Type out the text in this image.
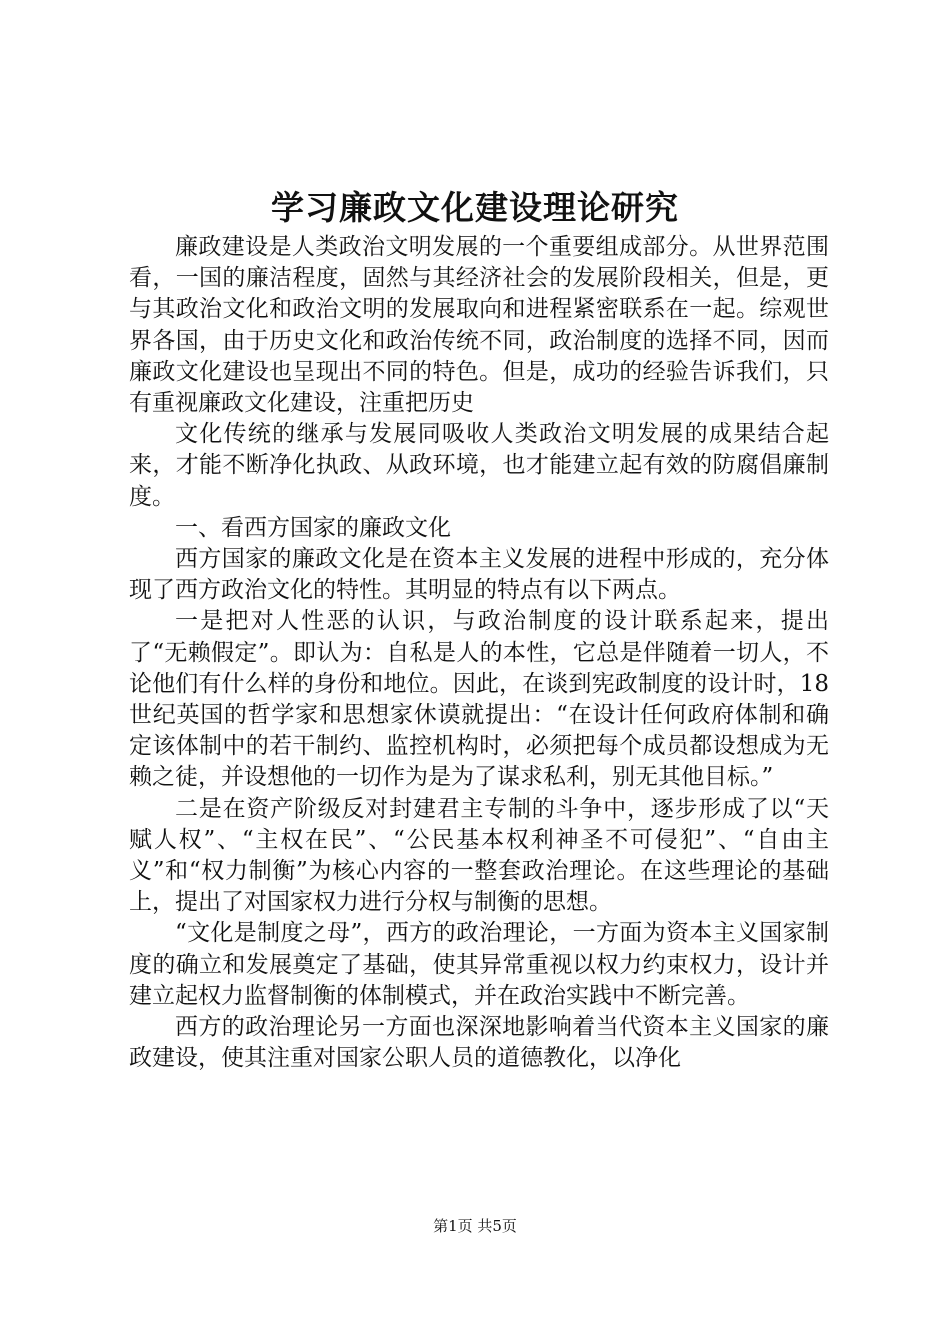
学习廉政文化建设理论研究

廉政建设是人类政治文明发展的一个重要组成部分。从世界范围看，一国的廉洁程度，固然与其经济社会的发展阶段相关，但是，更与其政治文化和政治文明的发展取向和进程紧密联系在一起。综观世界各国，由于历史文化和政治传统不同，政治制度的选择不同，因而廉政文化建设也呈现出不同的特色。但是，成功的经验告诉我们，只有重视廉政文化建设，注重把历史

文化传统的继承与发展同吸收人类政治文明发展的成果结合起来，才能不断净化执政、从政环境，也才能建立起有效的防腐倡廉制度。

一、看西方国家的廉政文化

西方国家的廉政文化是在资本主义发展的进程中形成的，充分体现了西方政治文化的特性。其明显的特点有以下两点。

一是把对人性恶的认识，与政治制度的设计联系起来，提出了“无赖假定”。即认为：自私是人的本性，它总是伴随着一切人，不论他们有什么样的身份和地位。因此，在谈到宪政制度的设计时，18世纪英国的哲学家和思想家休谟就提出：“在设计任何政府体制和确定该体制中的若干制约、监控机构时，必须把每个成员都设想成为无赖之徒，并设想他的一切作为是为了谋求私利，别无其他目标。”

二是在资产阶级反对封建君主专制的斗争中，逐步形成了以“天赋人权”、“主权在民”、“公民基本权利神圣不可侵犯”、“自由主义”和“权力制衡”为核心内容的一整套政治理论。在这些理论的基础上，提出了对国家权力进行分权与制衡的思想。

“文化是制度之母”，西方的政治理论，一方面为资本主义国家制度的确立和发展奠定了基础，使其异常重视以权力约束权力，设计并建立起权力监督制衡的体制模式，并在政治实践中不断完善。

西方的政治理论另一方面也深深地影响着当代资本主义国家的廉政建设，使其注重对国家公职人员的道德教化，以净化

第1页 共5页
